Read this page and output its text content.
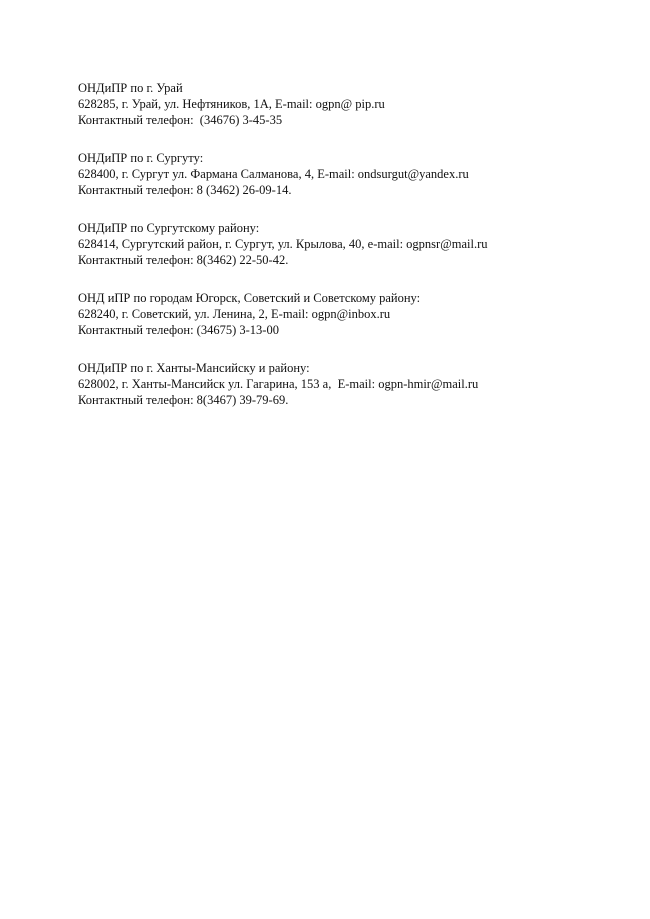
ОНДиПР по г. Урай
628285, г. Урай, ул. Нефтяников, 1А, E-mail: ogpn@ pip.ru
Контактный телефон:  (34676) 3-45-35
ОНДиПР по г. Сургуту:
628400, г. Сургут ул. Фармана Салманова, 4, E-mail: ondsurgut@yandex.ru
Контактный телефон: 8 (3462) 26-09-14.
ОНДиПР по Сургутскому району:
628414, Сургутский район, г. Сургут, ул. Крылова, 40, e-mail: ogpnsr@mail.ru
Контактный телефон: 8(3462) 22-50-42.
ОНД иПР по городам Югорск, Советский и Советскому району:
628240, г. Советский, ул. Ленина, 2, E-mail: ogpn@inbox.ru
Контактный телефон: (34675) 3-13-00
ОНДиПР по г. Ханты-Мансийску и району:
628002, г. Ханты-Мансийск ул. Гагарина, 153 а,  E-mail: ogpn-hmir@mail.ru
Контактный телефон: 8(3467) 39-79-69.
